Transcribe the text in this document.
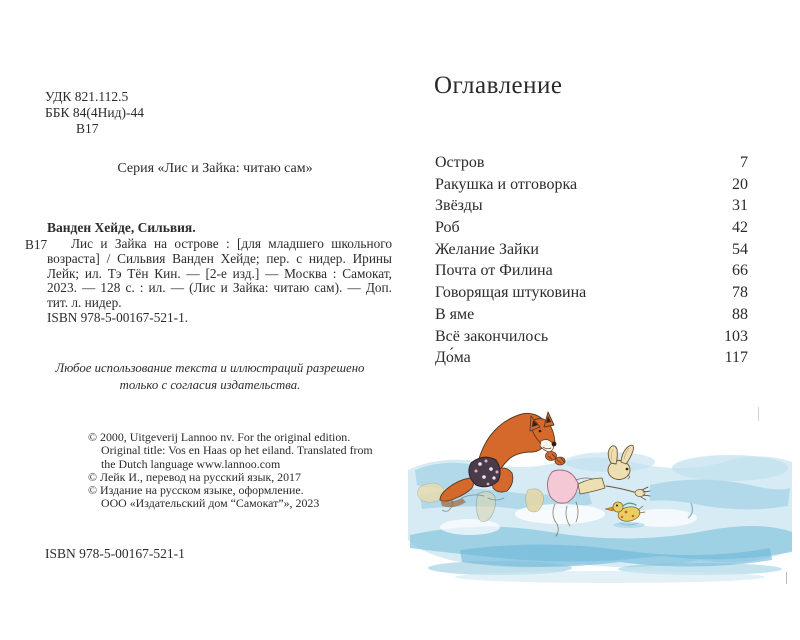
УДК 821.112.5
ББК 84(4Нид)-44
В17
Серия «Лис и Зайка: читаю сам»
Ванден Хейде, Сильвия.
В17	Лис и Зайка на острове : [для младшего школьного возраста] / Сильвия Ванден Хейде; пер. с нидер. Ирины Лейк; ил. Тэ Тён Кин. — [2-е изд.] — Москва : Самокат, 2023. — 128 с. : ил. — (Лис и Зайка: читаю сам). — Доп. тит. л. нидер.
ISBN 978-5-00167-521-1.
Любое использование текста и иллюстраций разрешено
только с согласия издательства.
© 2000, Uitgeverij Lannoo nv. For the original edition.
Original title: Vos en Haas op het eiland. Translated from
the Dutch language www.lannoo.com
© Лейк И., перевод на русский язык, 2017
© Издание на русском языке, оформление.
ООО «Издательский дом “Самокат”», 2023
ISBN 978-5-00167-521-1
Оглавление
Остров	7
Ракушка и отговорка	20
Звёзды	31
Роб	42
Желание Зайки	54
Почта от Филина	66
Говорящая штуковина	78
В яме	88
Всё закончилось	103
До́ма	117
